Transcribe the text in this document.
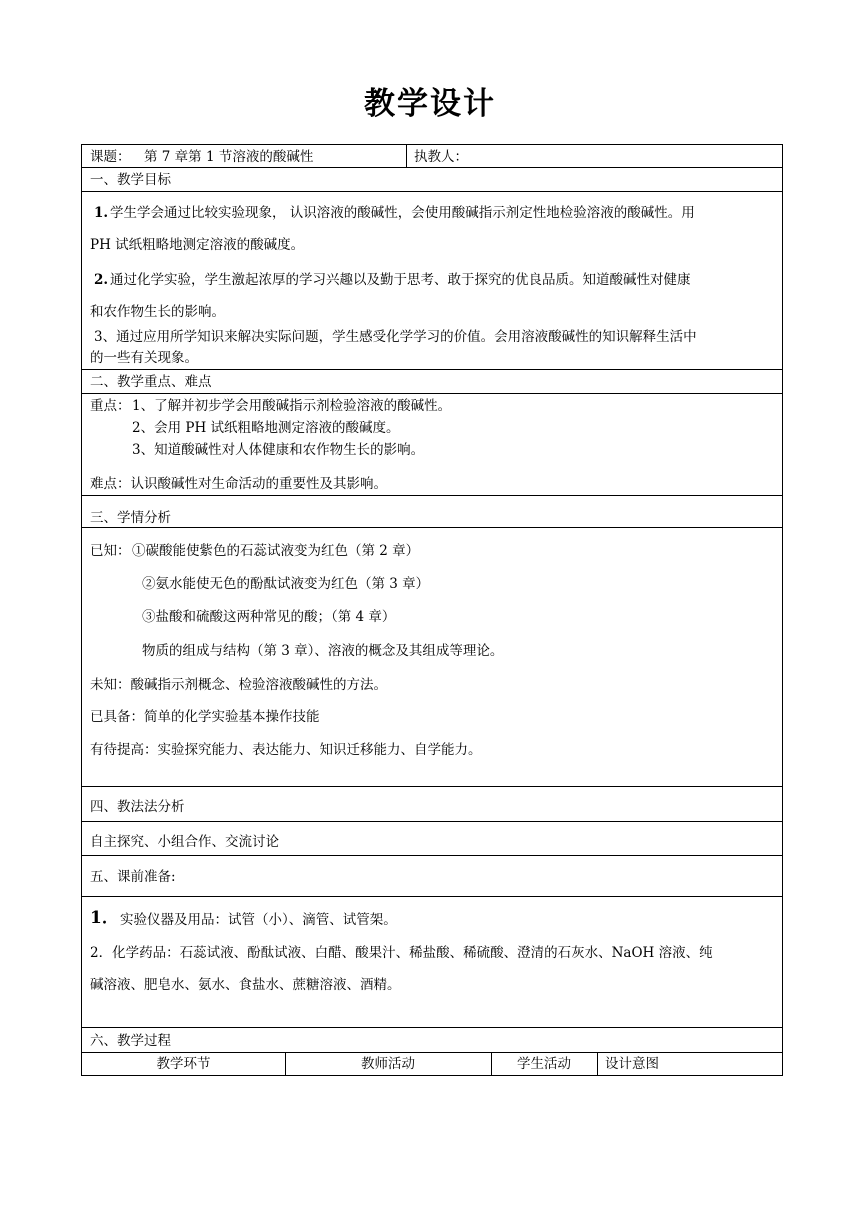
教学设计
课题： 第 7 章第 1 节溶液的酸碱性	执教人：
一、教学目标
1. 学生学会通过比较实验现象， 认识溶液的酸碱性，会使用酸碱指示剂定性地检验溶液的酸碱性。用
PH 试纸粗略地测定溶液的酸碱度。
2. 通过化学实验，学生激起浓厚的学习兴趣以及勤于思考、敢于探究的优良品质。知道酸碱性对健康
和农作物生长的影响。
3、通过应用所学知识来解决实际问题，学生感受化学学习的价值。会用溶液酸碱性的知识解释生活中
的一些有关现象。
二、教学重点、难点
重点： 1、了解并初步学会用酸碱指示剂检验溶液的酸碱性。
2、会用 PH 试纸粗略地测定溶液的酸碱度。
3、知道酸碱性对人体健康和农作物生长的影响。
难点：认识酸碱性对生命活动的重要性及其影响。
三、学情分析
已知： ①碳酸能使紫色的石蕊试液变为红色（第 2 章）
②氨水能使无色的酚酞试液变为红色（第 3 章）
③盐酸和硫酸这两种常见的酸；（第 4 章）
物质的组成与结构（第 3 章）、溶液的概念及其组成等理论。
未知：酸碱指示剂概念、检验溶液酸碱性的方法。
已具备：简单的化学实验基本操作技能
有待提高：实验探究能力、表达能力、知识迁移能力、自学能力。
四、教法法分析
自主探究、小组合作、交流讨论
五、课前准备:
1． 实验仪器及用品：试管（小）、滴管、试管架。
2．化学药品：石蕊试液、酚酞试液、白醋、酸果汁、稀盐酸、稀硫酸、澄清的石灰水、NaOH 溶液、纯
碱溶液、肥皂水、氨水、食盐水、蔗糖溶液、酒精。
六、教学过程
教学环节	教师活动	学生活动	设计意图
